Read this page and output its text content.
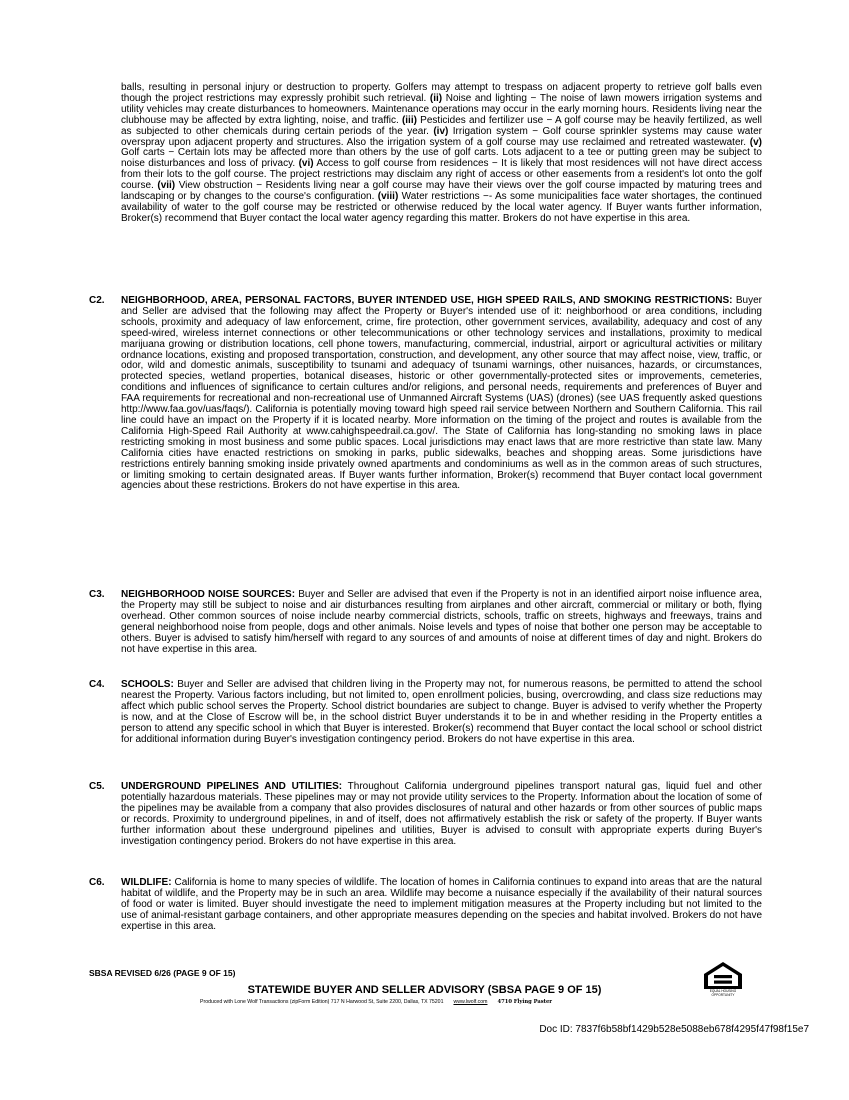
balls, resulting in personal injury or destruction to property. Golfers may attempt to trespass on adjacent property to retrieve golf balls even though the project restrictions may expressly prohibit such retrieval. (ii) Noise and lighting − The noise of lawn mowers irrigation systems and utility vehicles may create disturbances to homeowners. Maintenance operations may occur in the early morning hours. Residents living near the clubhouse may be affected by extra lighting, noise, and traffic. (iii) Pesticides and fertilizer use − A golf course may be heavily fertilized, as well as subjected to other chemicals during certain periods of the year. (iv) Irrigation system − Golf course sprinkler systems may cause water overspray upon adjacent property and structures. Also the irrigation system of a golf course may use reclaimed and retreated wastewater. (v) Golf carts − Certain lots may be affected more than others by the use of golf carts. Lots adjacent to a tee or putting green may be subject to noise disturbances and loss of privacy. (vi) Access to golf course from residences − It is likely that most residences will not have direct access from their lots to the golf course. The project restrictions may disclaim any right of access or other easements from a resident's lot onto the golf course. (vii) View obstruction − Residents living near a golf course may have their views over the golf course impacted by maturing trees and landscaping or by changes to the course's configuration. (viii) Water restrictions −- As some municipalities face water shortages, the continued availability of water to the golf course may be restricted or otherwise reduced by the local water agency. If Buyer wants further information, Broker(s) recommend that Buyer contact the local water agency regarding this matter. Brokers do not have expertise in this area.
C2. NEIGHBORHOOD, AREA, PERSONAL FACTORS, BUYER INTENDED USE, HIGH SPEED RAILS, AND SMOKING RESTRICTIONS: Buyer and Seller are advised that the following may affect the Property or Buyer's intended use of it: neighborhood or area conditions, including schools, proximity and adequacy of law enforcement, crime, fire protection, other government services, availability, adequacy and cost of any speed-wired, wireless internet connections or other telecommunications or other technology services and installations, proximity to medical marijuana growing or distribution locations, cell phone towers, manufacturing, commercial, industrial, airport or agricultural activities or military ordnance locations, existing and proposed transportation, construction, and development, any other source that may affect noise, view, traffic, or odor, wild and domestic animals, susceptibility to tsunami and adequacy of tsunami warnings, other nuisances, hazards, or circumstances, protected species, wetland properties, botanical diseases, historic or other governmentally-protected sites or improvements, cemeteries, conditions and influences of significance to certain cultures and/or religions, and personal needs, requirements and preferences of Buyer and FAA requirements for recreational and non-recreational use of Unmanned Aircraft Systems (UAS) (drones) (see UAS frequently asked questions http://www.faa.gov/uas/faqs/). California is potentially moving toward high speed rail service between Northern and Southern California. This rail line could have an impact on the Property if it is located nearby. More information on the timing of the project and routes is available from the California High-Speed Rail Authority at www.cahighspeedrail.ca.gov/. The State of California has long-standing no smoking laws in place restricting smoking in most business and some public spaces. Local jurisdictions may enact laws that are more restrictive than state law. Many California cities have enacted restrictions on smoking in parks, public sidewalks, beaches and shopping areas. Some jurisdictions have restrictions entirely banning smoking inside privately owned apartments and condominiums as well as in the common areas of such structures, or limiting smoking to certain designated areas. If Buyer wants further information, Broker(s) recommend that Buyer contact local government agencies about these restrictions. Brokers do not have expertise in this area.
C3. NEIGHBORHOOD NOISE SOURCES: Buyer and Seller are advised that even if the Property is not in an identified airport noise influence area, the Property may still be subject to noise and air disturbances resulting from airplanes and other aircraft, commercial or military or both, flying overhead. Other common sources of noise include nearby commercial districts, schools, traffic on streets, highways and freeways, trains and general neighborhood noise from people, dogs and other animals. Noise levels and types of noise that bother one person may be acceptable to others. Buyer is advised to satisfy him/herself with regard to any sources of and amounts of noise at different times of day and night. Brokers do not have expertise in this area.
C4. SCHOOLS: Buyer and Seller are advised that children living in the Property may not, for numerous reasons, be permitted to attend the school nearest the Property. Various factors including, but not limited to, open enrollment policies, busing, overcrowding, and class size reductions may affect which public school serves the Property. School district boundaries are subject to change. Buyer is advised to verify whether the Property is now, and at the Close of Escrow will be, in the school district Buyer understands it to be in and whether residing in the Property entitles a person to attend any specific school in which that Buyer is interested. Broker(s) recommend that Buyer contact the local school or school district for additional information during Buyer's investigation contingency period. Brokers do not have expertise in this area.
C5. UNDERGROUND PIPELINES AND UTILITIES: Throughout California underground pipelines transport natural gas, liquid fuel and other potentially hazardous materials. These pipelines may or may not provide utility services to the Property. Information about the location of some of the pipelines may be available from a company that also provides disclosures of natural and other hazards or from other sources of public maps or records. Proximity to underground pipelines, in and of itself, does not affirmatively establish the risk or safety of the property. If Buyer wants further information about these underground pipelines and utilities, Buyer is advised to consult with appropriate experts during Buyer's investigation contingency period. Brokers do not have expertise in this area.
C6. WILDLIFE: California is home to many species of wildlife. The location of homes in California continues to expand into areas that are the natural habitat of wildlife, and the Property may be in such an area. Wildlife may become a nuisance especially if the availability of their natural sources of food or water is limited. Buyer should investigate the need to implement mitigation measures at the Property including but not limited to the use of animal-resistant garbage containers, and other appropriate measures depending on the species and habitat involved. Brokers do not have expertise in this area.
SBSA REVISED 6/26 (PAGE 9 OF 15)
EQUAL HOUSING OPPORTUNITY
STATEWIDE BUYER AND SELLER ADVISORY (SBSA PAGE 9 OF 15)
Produced with Lone Wolf Transactions (zipForm Edition) 717 N Harwood St, Suite 2200, Dallas, TX 75201 www.lwolf.com 4710 Flying Paster
Doc ID: 7837f6b58bf1429b528e5088eb678f4295f47f98f15e7
